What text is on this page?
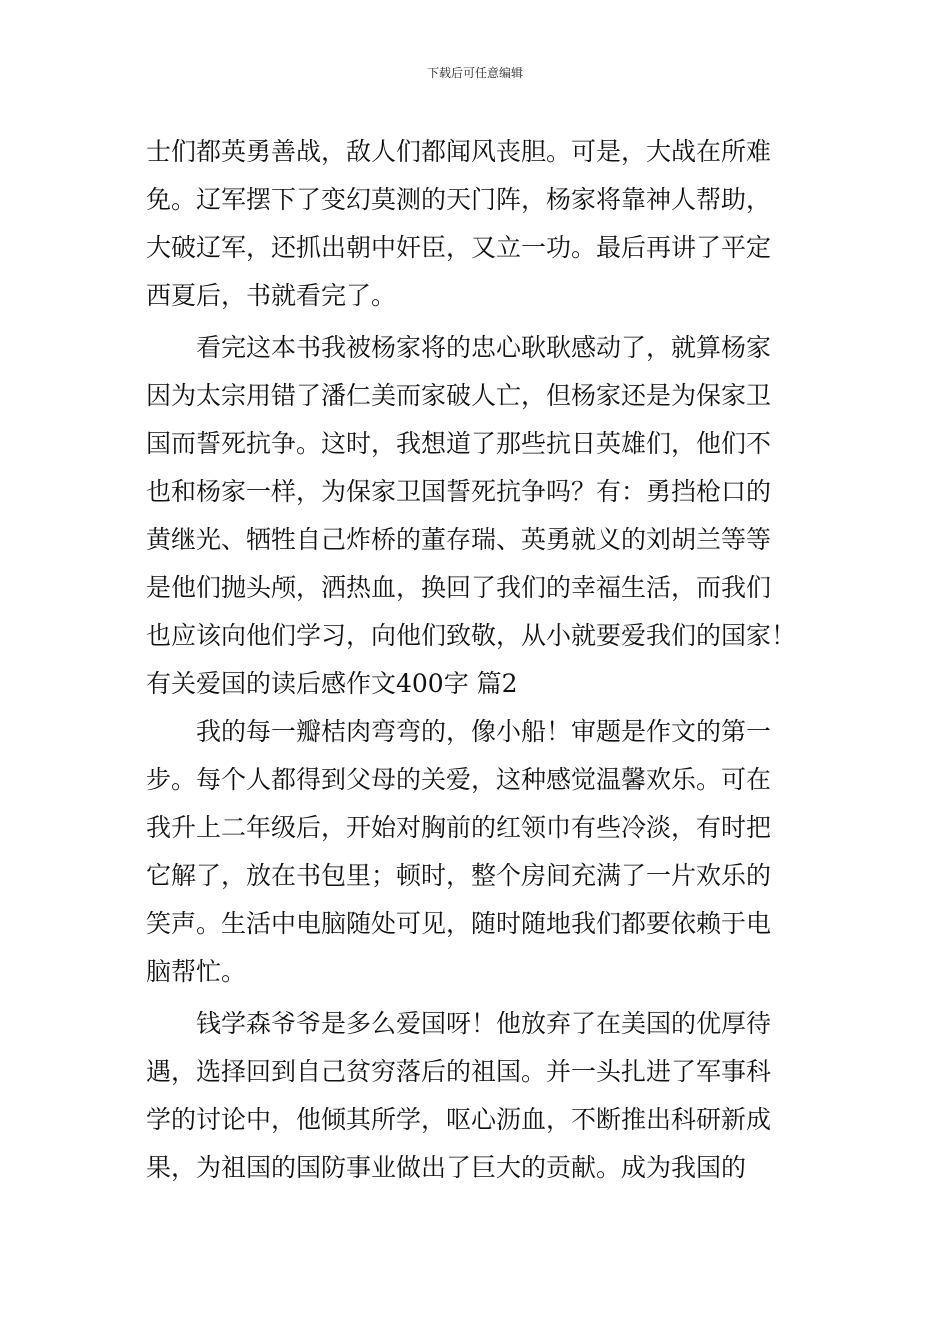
下载后可任意编辑
士们都英勇善战，敌人们都闻风丧胆。可是，大战在所难
免。辽军摆下了变幻莫测的天门阵，杨家将靠神人帮助，
大破辽军，还抓出朝中奸臣，又立一功。最后再讲了平定
西夏后，书就看完了。
　　看完这本书我被杨家将的忠心耿耿感动了，就算杨家
因为太宗用错了潘仁美而家破人亡，但杨家还是为保家卫
国而誓死抗争。这时，我想道了那些抗日英雄们，他们不
也和杨家一样，为保家卫国誓死抗争吗？有：勇挡枪口的
黄继光、牺牲自己炸桥的董存瑞、英勇就义的刘胡兰等等
是他们抛头颅，洒热血，换回了我们的幸福生活，而我们
也应该向他们学习，向他们致敬，从小就要爱我们的国家！
有关爱国的读后感作文400字 篇2
　　我的每一瓣桔肉弯弯的，像小船！审题是作文的第一
步。每个人都得到父母的关爱，这种感觉温馨欢乐。可在
我升上二年级后，开始对胸前的红领巾有些冷淡，有时把
它解了，放在书包里；顿时，整个房间充满了一片欢乐的
笑声。生活中电脑随处可见，随时随地我们都要依赖于电
脑帮忙。
　　钱学森爷爷是多么爱国呀！他放弃了在美国的优厚待
遇，选择回到自己贫穷落后的祖国。并一头扎进了军事科
学的讨论中，他倾其所学，呕心沥血，不断推出科研新成
果，为祖国的国防事业做出了巨大的贡献。成为我国的
